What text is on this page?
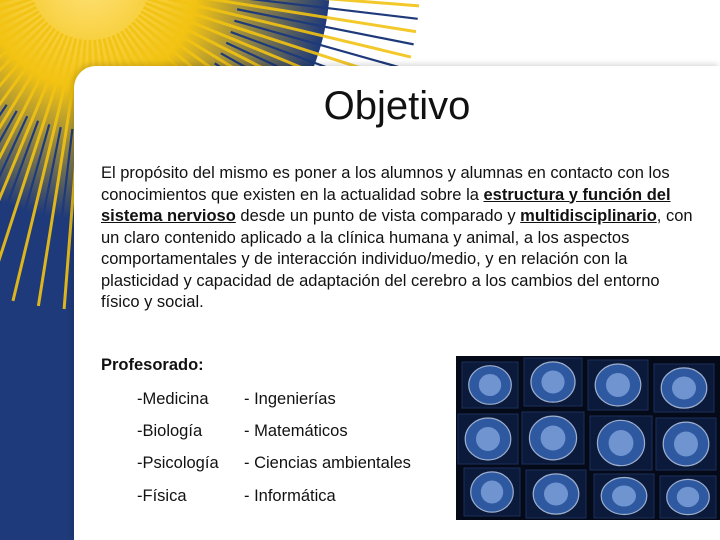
Objetivo
El propósito del mismo es poner a los alumnos y alumnas en contacto con los conocimientos que existen en la actualidad sobre la estructura y función del sistema nervioso desde un punto de vista comparado y multidisciplinario, con un claro contenido aplicado a la clínica humana y animal, a los aspectos comportamentales y de interacción individuo/medio, y en relación con la plasticidad y capacidad de adaptación del cerebro a los cambios del entorno físico y social.
Profesorado:
-Medicina
-Biología
-Psicología
-Física
- Ingenierías
- Matemáticos
- Ciencias ambientales
- Informática
